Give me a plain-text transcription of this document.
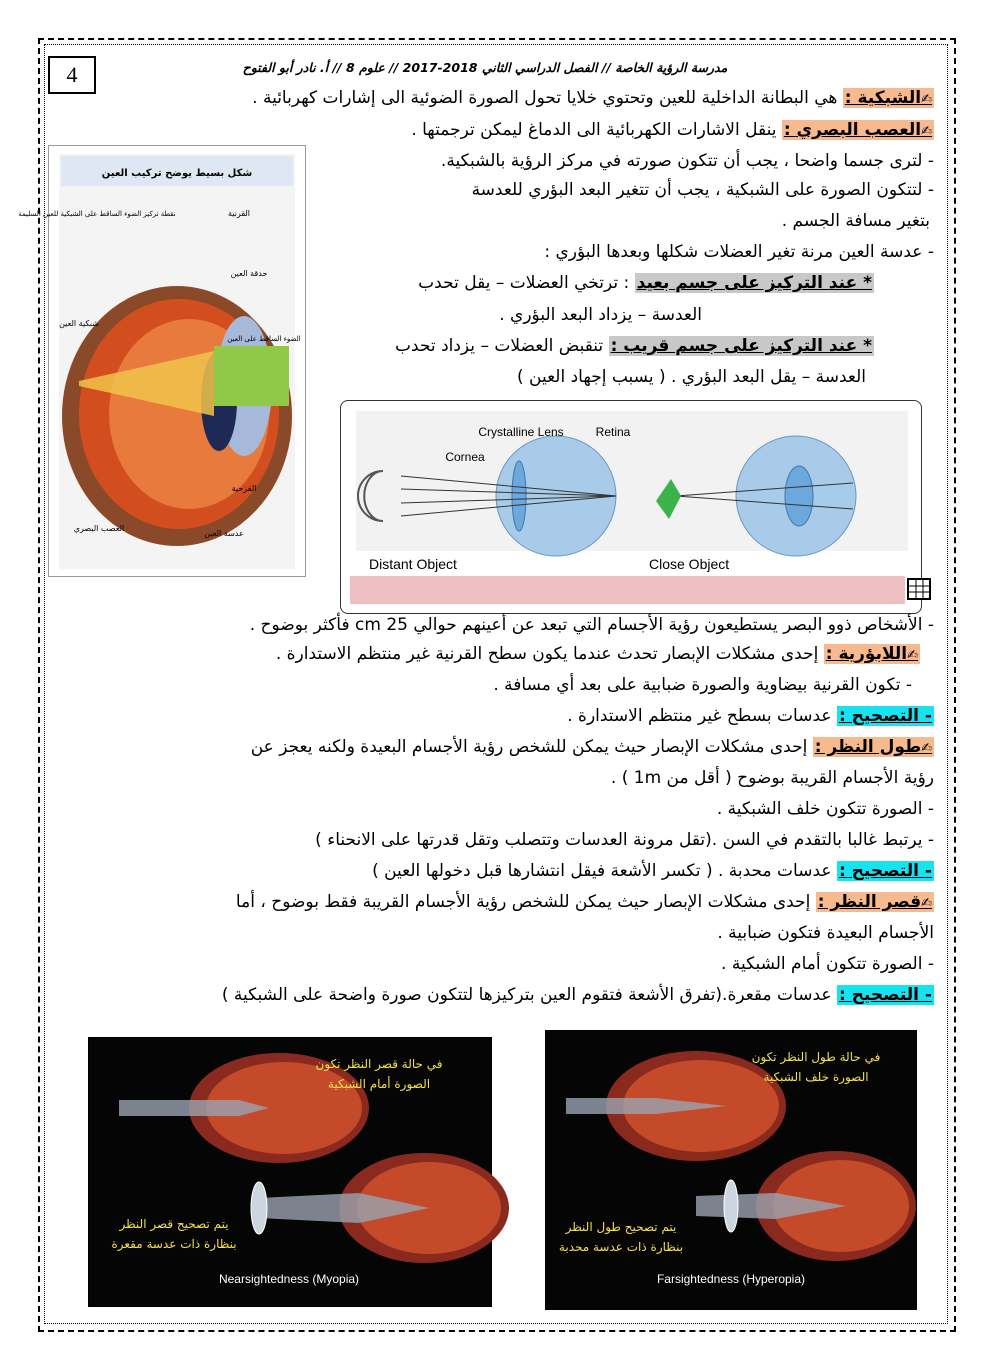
4	مدرسة الرؤية الخاصة // الفصل الدراسي الثاني 2018-2017 // علوم 8 // أ. نادر أبو الفتوح
✍الشبكية : هي البطانة الداخلية للعين وتحتوي خلايا تحول الصورة الضوئية الى إشارات كهربائية .
✍العصب البصري : ينقل الاشارات الكهربائية الى الدماغ ليمكن ترجمتها .
- لترى جسما واضحا ، يجب أن تتكون صورته في مركز الرؤية بالشبكية.
- لتتكون الصورة على الشبكية ، يجب أن تتغير البعد البؤري للعدسة
بتغير مسافة الجسم .
- عدسة العين مرنة تغير العضلات شكلها وبعدها البؤري :
* عند التركيز على جسم بعيد : ترتخي العضلات – يقل تحدب
العدسة – يزداد البعد البؤري .
* عند التركيز على جسم قريب : تنقبض العضلات – يزداد تحدب
العدسة – يقل البعد البؤري . ( يسبب إجهاد العين )
شكل بسيط يوضح تركيب العين
القرنية
حدقة العين
شبكية العين
نقطة تركيز الضوء الساقط على الشبكية للعين السليمة
الضوء الساقط على العين
القزحية
عدسة العين
العصب البصري
Crystalline Lens	Retina
Cornea
Distant Object	Close Object
- الأشخاص ذوو البصر يستطيعون رؤية الأجسام التي تبعد عن أعينهم حوالي 25 cm فأكثر بوضوح .
✍اللابؤرية : إحدى مشكلات الإبصار تحدث عندما يكون سطح القرنية غير منتظم الاستدارة .
- تكون القرنية بيضاوية والصورة ضبابية على بعد أي مسافة .
- التصحيح : عدسات بسطح غير منتظم الاستدارة .
✍طول النظر : إحدى مشكلات الإبصار حيث يمكن للشخص رؤية الأجسام البعيدة ولكنه يعجز عن
رؤية الأجسام القريبة بوضوح ( أقل من 1m ) .
- الصورة تتكون خلف الشبكية .
- يرتبط غالبا بالتقدم في السن .(تقل مرونة العدسات وتتصلب وتقل قدرتها على الانحناء )
- التصحيح : عدسات محدبة . ( تكسر الأشعة فيقل انتشارها قبل دخولها العين )
✍قصر النظر : إحدى مشكلات الإبصار حيث يمكن للشخص رؤية الأجسام القريبة فقط بوضوح ، أما
الأجسام البعيدة فتكون ضبابية .
- الصورة تتكون أمام الشبكية .
- التصحيح : عدسات مقعرة.(تفرق الأشعة فتقوم العين بتركيزها لتتكون صورة واضحة على الشبكية )
في حالة قصر النظر تكون
الصورة أمام الشبكية
يتم تصحيح قصر النظر
بنظارة ذات عدسة مقعرة
Nearsightedness (Myopia)
في حالة طول النظر تكون
الصورة خلف الشبكية
يتم تصحيح طول النظر
بنظارة ذات عدسة محدبة
Farsightedness (Hyperopia)
